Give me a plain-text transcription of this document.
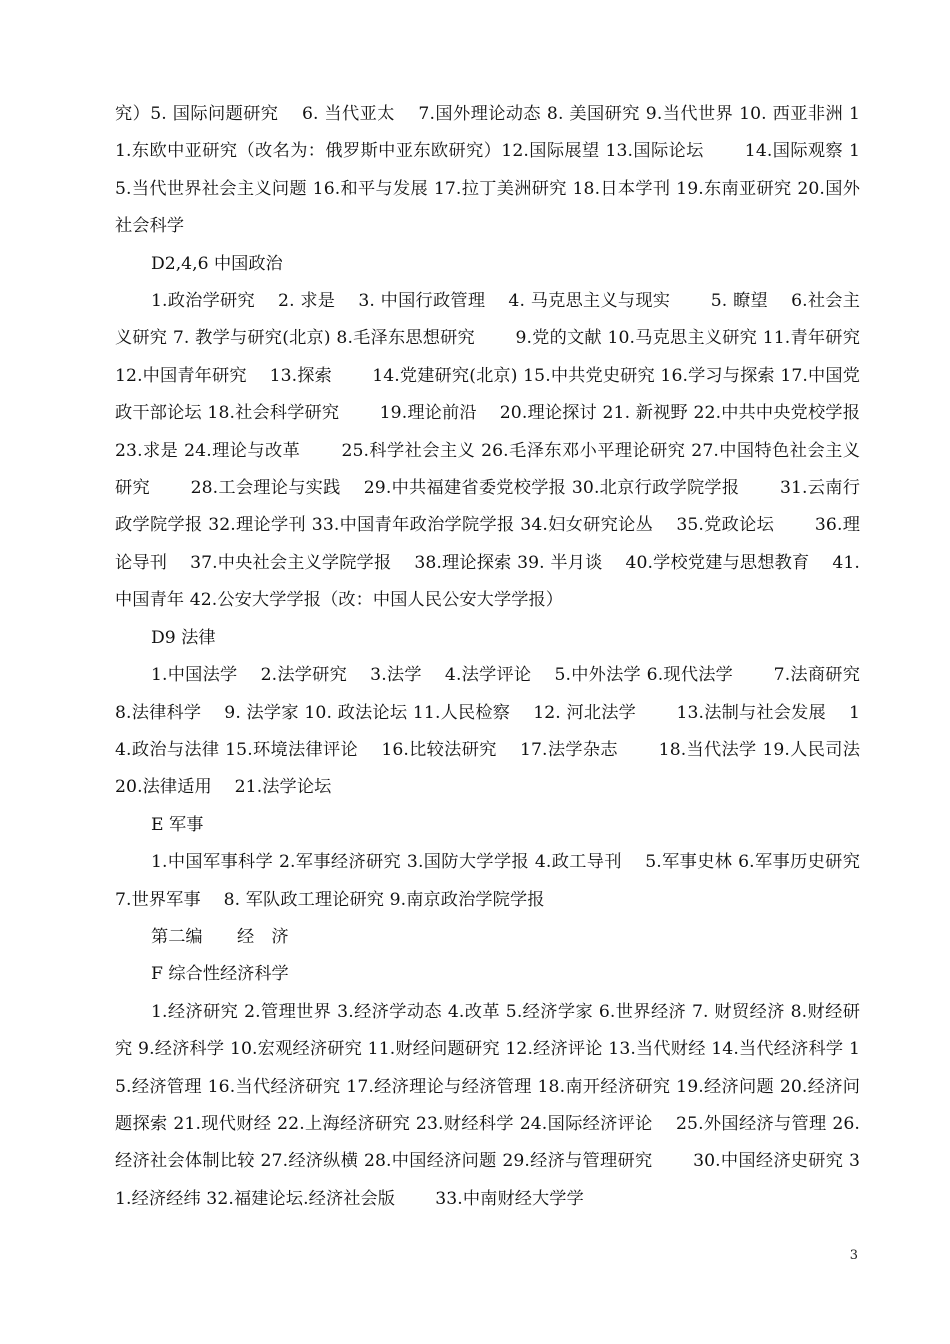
究）5. 国际问题研究　 6. 当代亚太　 7.国外理论动态 8. 美国研究 9.当代世界 10. 西亚非洲 11.东欧中亚研究（改名为：俄罗斯中亚东欧研究）12.国际展望 13.国际论坛　　 14.国际观察 15.当代世界社会主义问题 16.和平与发展 17.拉丁美洲研究 18.日本学刊 19.东南亚研究 20.国外社会科学

D2,4,6 中国政治

1.政治学研究　 2. 求是　 3. 中国行政管理　 4. 马克思主义与现实　　 5. 瞭望　 6.社会主义研究 7. 教学与研究(北京) 8.毛泽东思想研究　　 9.党的文献 10.马克思主义研究 11.青年研究　 12.中国青年研究　 13.探索　　 14.党建研究(北京) 15.中共党史研究 16.学习与探索 17.中国党政干部论坛 18.社会科学研究　　 19.理论前沿　 20.理论探讨 21. 新视野 22.中共中央党校学报 23.求是 24.理论与改革　　 25.科学社会主义 26.毛泽东邓小平理论研究 27.中国特色社会主义研究　　 28.工会理论与实践　 29.中共福建省委党校学报 30.北京行政学院学报　　 31.云南行政学院学报 32.理论学刊 33.中国青年政治学院学报 34.妇女研究论丛　 35.党政论坛　　 36.理论导刊　 37.中央社会主义学院学报　 38.理论探索 39. 半月谈　 40.学校党建与思想教育　 41. 中国青年 42.公安大学学报（改：中国人民公安大学学报）

D9 法律

1.中国法学　 2.法学研究　 3.法学　 4.法学评论　 5.中外法学 6.现代法学　　 7.法商研究　 8.法律科学　 9. 法学家 10. 政法论坛 11.人民检察　 12. 河北法学　　 13.法制与社会发展　 14.政治与法律 15.环境法律评论　 16.比较法研究　 17.法学杂志　　 18.当代法学 19.人民司法　 20.法律适用　 21.法学论坛

E 军事

1.中国军事科学 2.军事经济研究 3.国防大学学报 4.政工导刊　 5.军事史林 6.军事历史研究 7.世界军事　 8. 军队政工理论研究 9.南京政治学院学报

第二编　　经　济

F 综合性经济科学

1.经济研究 2.管理世界 3.经济学动态 4.改革 5.经济学家 6.世界经济 7. 财贸经济 8.财经研究 9.经济科学 10.宏观经济研究 11.财经问题研究 12.经济评论 13.当代财经 14.当代经济科学 15.经济管理 16.当代经济研究 17.经济理论与经济管理 18.南开经济研究 19.经济问题 20.经济问题探索 21.现代财经 22.上海经济研究 23.财经科学 24.国际经济评论　 25.外国经济与管理 26.经济社会体制比较 27.经济纵横 28.中国经济问题 29.经济与管理研究　　 30.中国经济史研究 31.经济经纬 32.福建论坛.经济社会版　　 33.中南财经大学学

3
